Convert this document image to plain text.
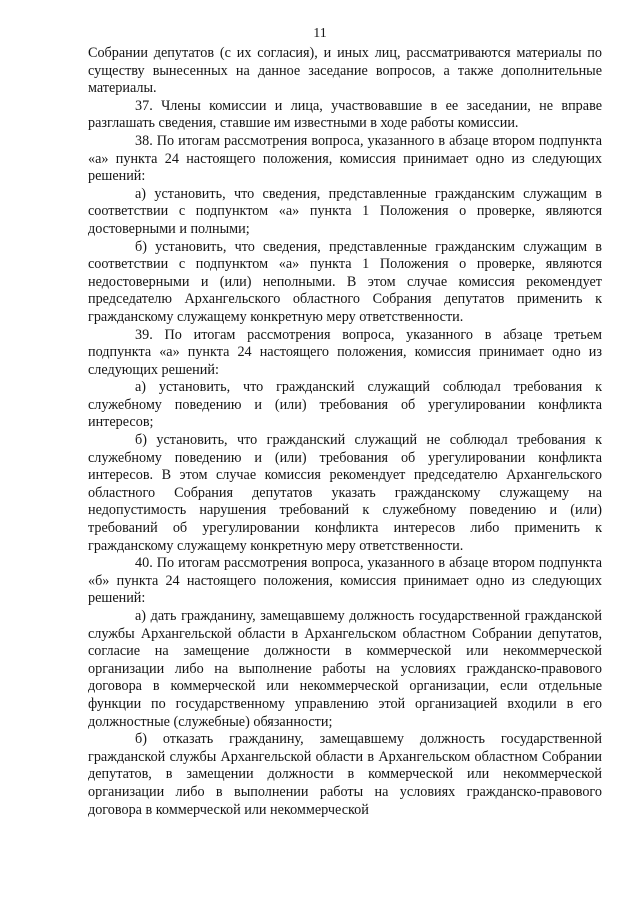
11

Собрании депутатов (с их согласия), и иных лиц, рассматриваются материалы по существу вынесенных на данное заседание вопросов, а также дополнительные материалы.

37. Члены комиссии и лица, участвовавшие в ее заседании, не вправе разглашать сведения, ставшие им известными в ходе работы комиссии.

38. По итогам рассмотрения вопроса, указанного в абзаце втором подпункта «а» пункта 24 настоящего положения, комиссия принимает одно из следующих решений:

а) установить, что сведения, представленные гражданским служащим в соответствии с подпунктом «а» пункта 1 Положения о проверке, являются достоверными и полными;

б) установить, что сведения, представленные гражданским служащим в соответствии с подпунктом «а» пункта 1 Положения о проверке, являются недостоверными и (или) неполными. В этом случае комиссия рекомендует председателю Архангельского областного Собрания депутатов применить к гражданскому служащему конкретную меру ответственности.

39. По итогам рассмотрения вопроса, указанного в абзаце третьем подпункта «а» пункта 24 настоящего положения, комиссия принимает одно из следующих решений:

а) установить, что гражданский служащий соблюдал требования к служебному поведению и (или) требования об урегулировании конфликта интересов;

б) установить, что гражданский служащий не соблюдал требования к служебному поведению и (или) требования об урегулировании конфликта интересов. В этом случае комиссия рекомендует председателю Архангельского областного Собрания депутатов указать гражданскому служащему на недопустимость нарушения требований к служебному поведению и (или) требований об урегулировании конфликта интересов либо применить к гражданскому служащему конкретную меру ответственности.

40. По итогам рассмотрения вопроса, указанного в абзаце втором подпункта «б» пункта 24 настоящего положения, комиссия принимает одно из следующих решений:

а) дать гражданину, замещавшему должность государственной гражданской службы Архангельской области в Архангельском областном Собрании депутатов, согласие на замещение должности в коммерческой или некоммерческой организации либо на выполнение работы на условиях гражданско-правового договора в коммерческой или некоммерческой организации, если отдельные функции по государственному управлению этой организацией входили в его должностные (служебные) обязанности;

б) отказать гражданину, замещавшему должность государственной гражданской службы Архангельской области в Архангельском областном Собрании депутатов, в замещении должности в коммерческой или некоммерческой организации либо в выполнении работы на условиях гражданско-правового договора в коммерческой или некоммерческой
